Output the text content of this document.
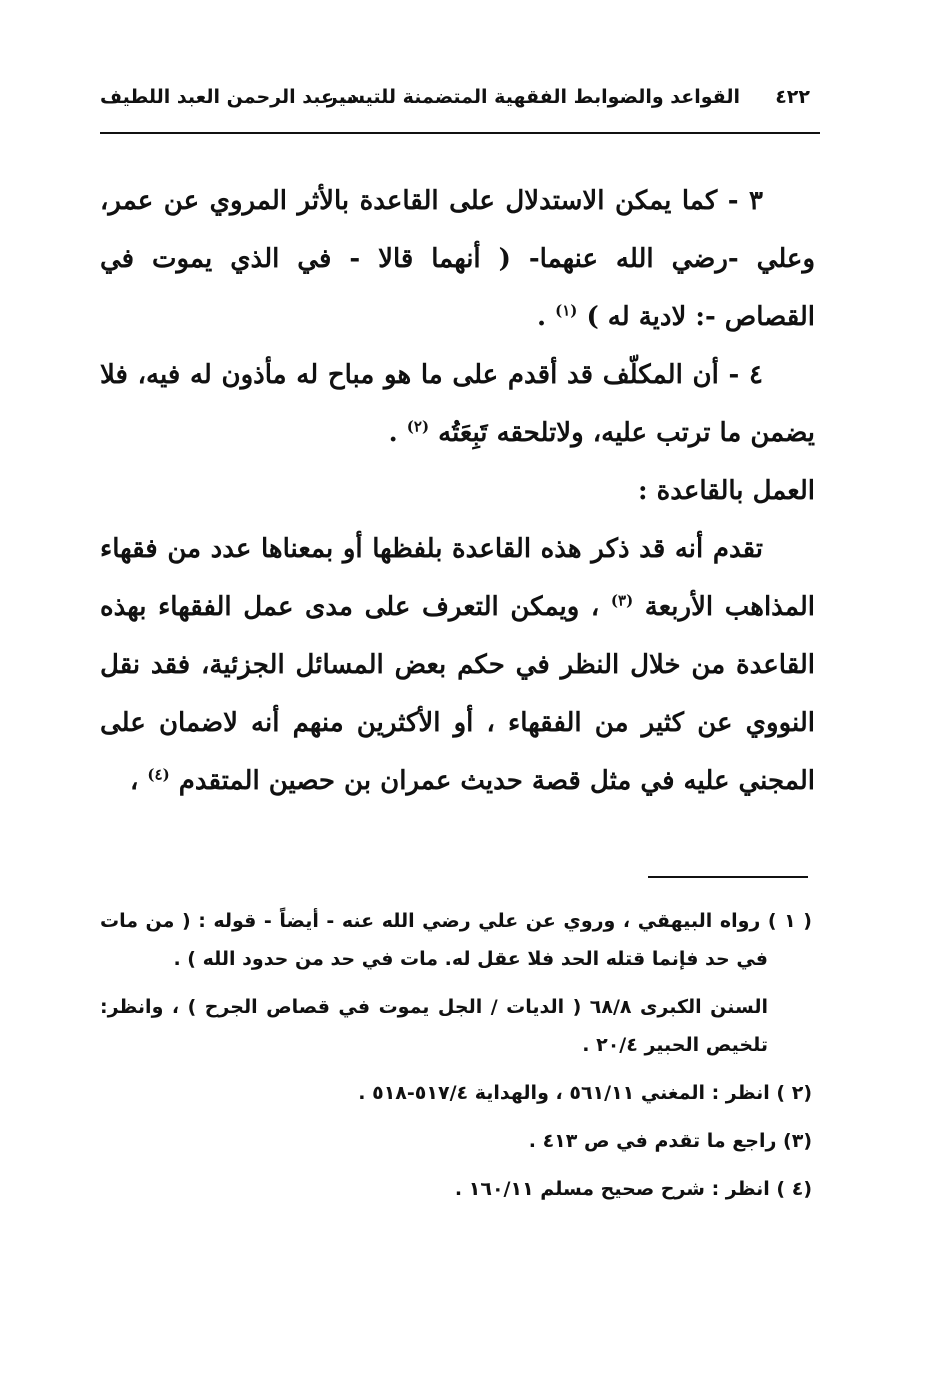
٤٢٢
القواعد والضوابط الفقهية المتضمنة للتيسير
د. عبد الرحمن العبد اللطيف

٣ - كما يمكن الاستدلال على القاعدة بالأثر المروي عن عمر، وعلي -رضي الله عنهما- ( أنهما قالا - في الذي يموت في القصاص -: لادية له ) $^{(١)}$ .

٤ - أن المكلّف قد أقدم على ما هو مباح له مأذون له فيه، فلا يضمن ما ترتب عليه، ولاتلحقه تَبِعَتُه $^{(٢)}$ .

العمل بالقاعدة :

تقدم أنه قد ذكر هذه القاعدة بلفظها أو بمعناها عدد من فقهاء المذاهب الأربعة $^{(٣)}$ ، ويمكن التعرف على مدى عمل الفقهاء بهذه القاعدة من خلال النظر في حكم بعض المسائل الجزئية، فقد نقل النووي عن كثير من الفقهاء ، أو الأكثرين منهم أنه لاضمان على المجني عليه في مثل قصة حديث عمران بن حصين المتقدم $^{(٤)}$ ،

( ١ ) رواه البيهقي ، وروي عن علي رضي الله عنه - أيضاً - قوله : ( من مات في حد فإنما قتله الحد فلا عقل له. مات في حد من حدود الله ) .

السنن الكبرى ٦٨/٨ ( الديات / الجل يموت في قصاص الجرح ) ، وانظر: تلخيص الحبير ٢٠/٤ .

(٢ ) انظر : المغني ٥٦١/١١ ، والهداية ٥١٧/٤-٥١٨ .

(٣) راجع ما تقدم في ص ٤١٣ .

(٤ ) انظر : شرح صحيح مسلم ١٦٠/١١ .
